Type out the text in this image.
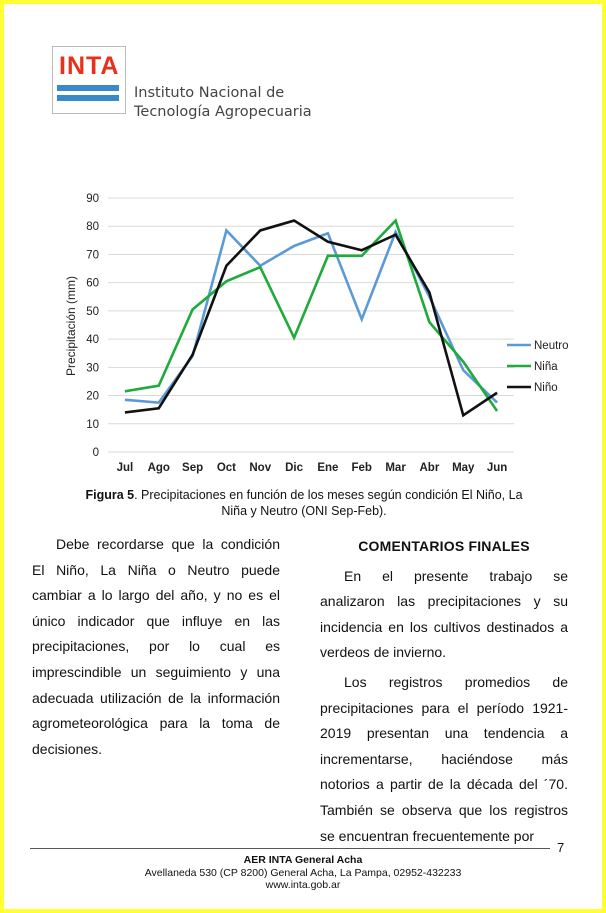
INTA
Instituto Nacional de
Tecnología Agropecuaria
0
10
20
30
40
50
60
70
80
90
Jul Ago Sep Oct Nov Dic Ene Feb Mar Abr May Jun
Neutro
Niña
Niño
Precipitación (mm)
Figura 5. Precipitaciones en función de los meses según condición El Niño, La Niña y Neutro (ONI Sep-Feb).

Debe recordarse que la condición El Niño, La Niña o Neutro puede cambiar a lo largo del año, y no es el único indicador que influye en las precipitaciones, por lo cual es imprescindible un seguimiento y una adecuada utilización de la información agrometeorológica para la toma de decisiones.

COMENTARIOS FINALES

En el presente trabajo se analizaron las precipitaciones y su incidencia en los cultivos destinados a verdeos de invierno.

Los registros promedios de precipitaciones para el período 1921-2019 presentan una tendencia a incrementarse, haciéndose más notorios a partir de la década del ´70. También se observa que los registros se encuentran frecuentemente por

7
AER INTA General Acha
Avellaneda 530 (CP 8200) General Acha, La Pampa, 02952-432233
www.inta.gob.ar
